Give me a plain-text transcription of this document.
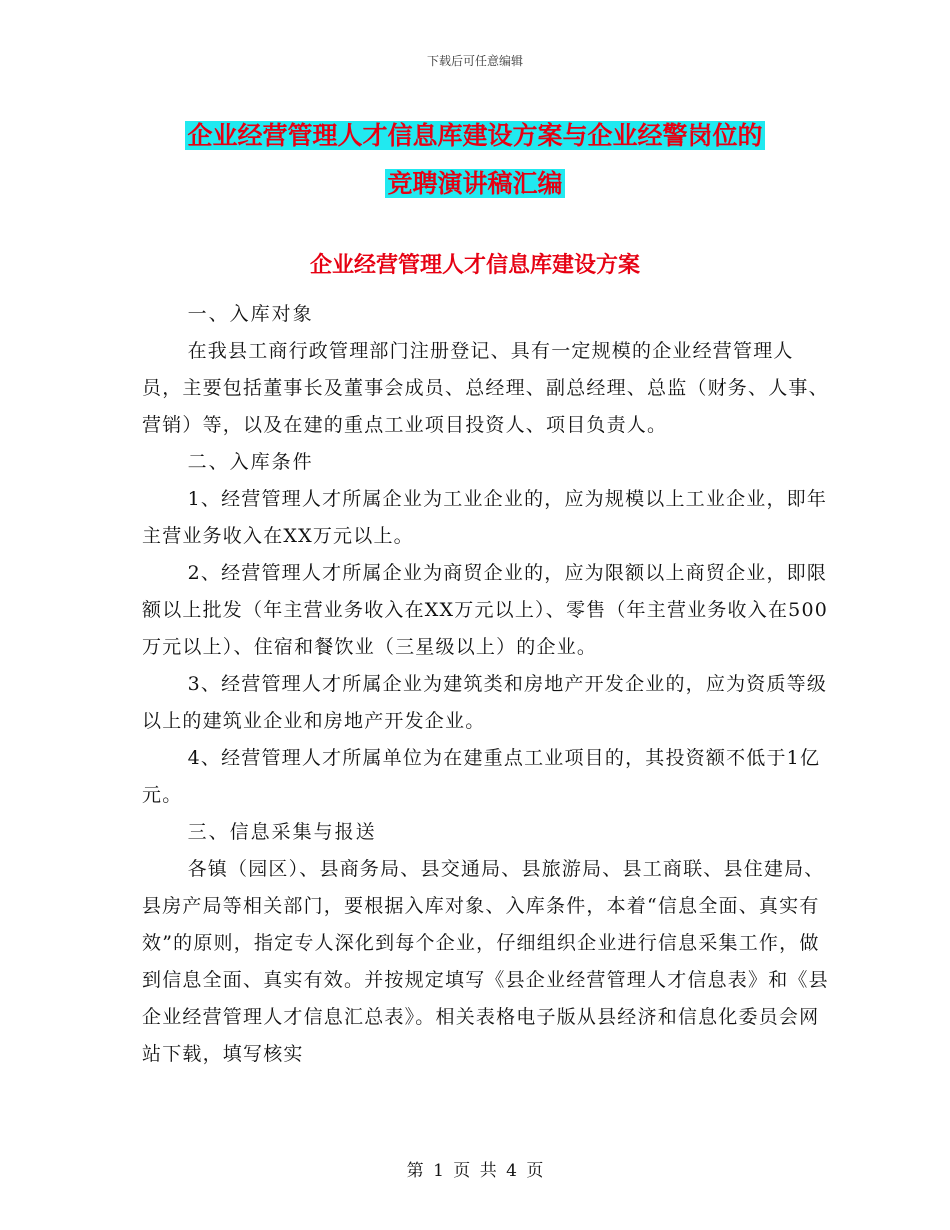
下载后可任意编辑
企业经营管理人才信息库建设方案与企业经警岗位的
竞聘演讲稿汇编
企业经营管理人才信息库建设方案

一、入库对象

在我县工商行政管理部门注册登记、具有一定规模的企业经营管理人员，主要包括董事长及董事会成员、总经理、副总经理、总监（财务、人事、营销）等，以及在建的重点工业项目投资人、项目负责人。

二、入库条件

1、经营管理人才所属企业为工业企业的，应为规模以上工业企业，即年主营业务收入在XX万元以上。

2、经营管理人才所属企业为商贸企业的，应为限额以上商贸企业，即限额以上批发（年主营业务收入在XX万元以上）、零售（年主营业务收入在500万元以上）、住宿和餐饮业（三星级以上）的企业。

3、经营管理人才所属企业为建筑类和房地产开发企业的，应为资质等级以上的建筑业企业和房地产开发企业。

4、经营管理人才所属单位为在建重点工业项目的，其投资额不低于1亿元。

三、信息采集与报送

各镇（园区）、县商务局、县交通局、县旅游局、县工商联、县住建局、县房产局等相关部门，要根据入库对象、入库条件，本着“信息全面、真实有效”的原则，指定专人深化到每个企业，仔细组织企业进行信息采集工作，做到信息全面、真实有效。并按规定填写《县企业经营管理人才信息表》和《县企业经营管理人才信息汇总表》。相关表格电子版从县经济和信息化委员会网站下载，填写核实

第 1 页 共 4 页
